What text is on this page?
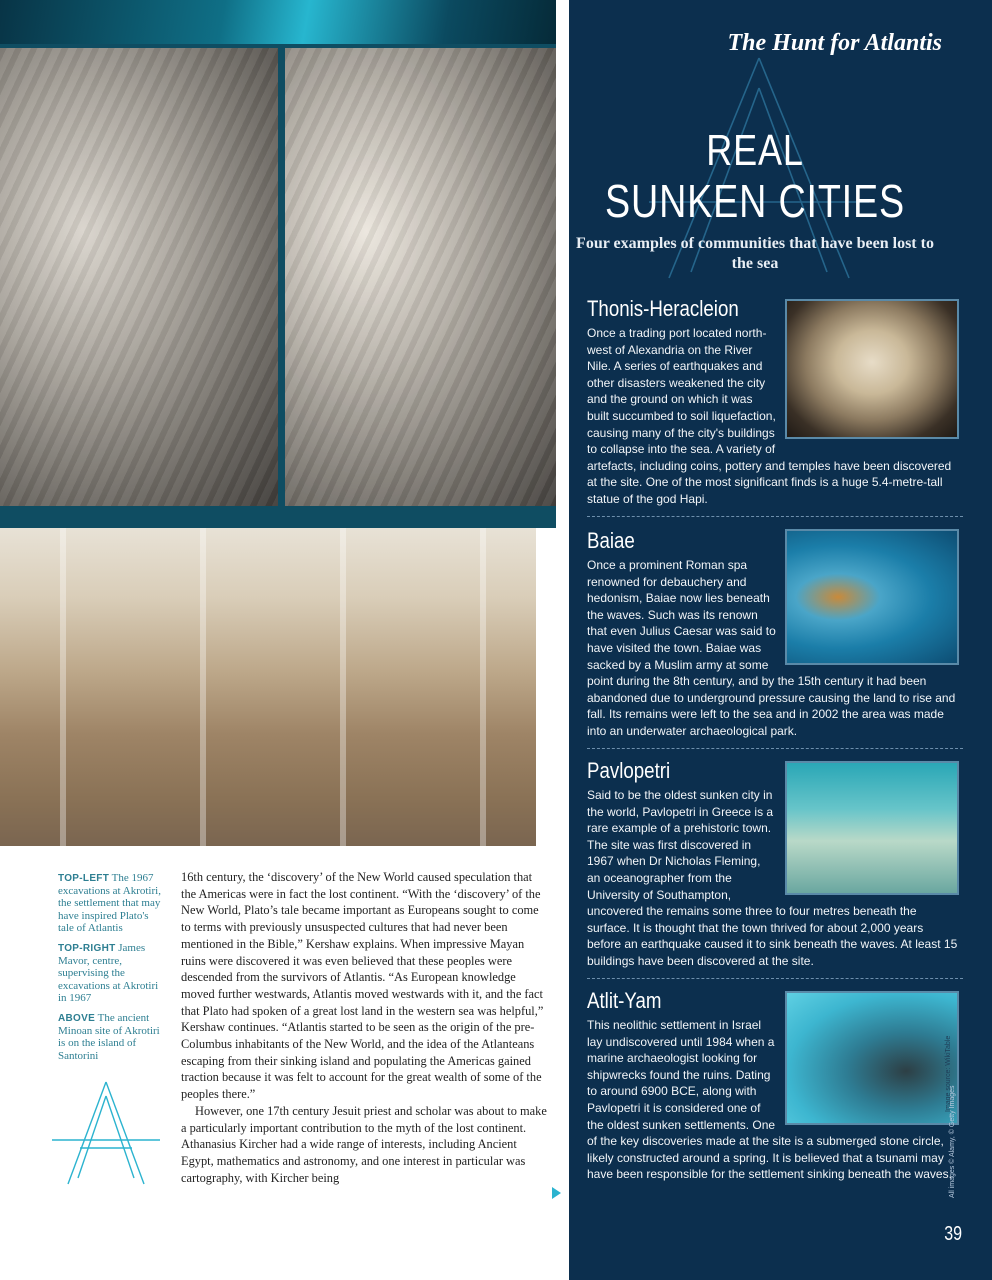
TOP-LEFT The 1967 excavations at Akrotiri, the settlement that may have inspired Plato's tale of Atlantis

TOP-RIGHT James Mavor, centre, supervising the excavations at Akrotiri in 1967

ABOVE The ancient Minoan site of Akrotiri is on the island of Santorini

16th century, the ‘discovery’ of the New World caused speculation that the Americas were in fact the lost continent. “With the ‘discovery’ of the New World, Plato’s tale became important as Europeans sought to come to terms with previously unsuspected cultures that had never been mentioned in the Bible,” Kershaw explains. When impressive Mayan ruins were discovered it was even believed that these peoples were descended from the survivors of Atlantis. “As European knowledge moved further westwards, Atlantis moved westwards with it, and the fact that Plato had spoken of a great lost land in the western sea was helpful,” Kershaw continues. “Atlantis started to be seen as the origin of the pre-Columbus inhabitants of the New World, and the idea of the Atlanteans escaping from their sinking island and populating the Americas gained traction because it was felt to account for the great wealth of some of the peoples there.”

However, one 17th century Jesuit priest and scholar was about to make a particularly important contribution to the myth of the lost continent. Athanasius Kircher had a wide range of interests, including Ancient Egypt, mathematics and astronomy, and one interest in particular was cartography, with Kircher being

The Hunt for Atlantis
REAL
SUNKEN CITIES
Four examples of communities that have been lost to the sea
Thonis-Heracleion
Once a trading port located north-west of Alexandria on the River Nile. A series of earthquakes and other disasters weakened the city and the ground on which it was built succumbed to soil liquefaction, causing many of the city's buildings to collapse into the sea. A variety of artefacts, including coins, pottery and temples have been discovered at the site. One of the most significant finds is a huge 5.4-metre-tall statue of the god Hapi.
Baiae
Once a prominent Roman spa renowned for debauchery and hedonism, Baiae now lies beneath the waves. Such was its renown that even Julius Caesar was said to have visited the town. Baiae was sacked by a Muslim army at some point during the 8th century, and by the 15th century it had been abandoned due to underground pressure causing the land to rise and fall. Its remains were left to the sea and in 2002 the area was made into an underwater archaeological park.
Pavlopetri
Said to be the oldest sunken city in the world, Pavlopetri in Greece is a rare example of a prehistoric town. The site was first discovered in 1967 when Dr Nicholas Fleming, an oceanographer from the University of Southampton, uncovered the remains some three to four metres beneath the surface. It is thought that the town thrived for about 2,000 years before an earthquake caused it to sink beneath the waves. At least 15 buildings have been discovered at the site.
Atlit-Yam
This neolithic settlement in Israel lay undiscovered until 1984 when a marine archaeologist looking for shipwrecks found the ruins. Dating to around 6900 BCE, along with Pavlopetri it is considered one of the oldest sunken settlements. One of the key discoveries made at the site is a submerged stone circle, likely constructed around a spring. It is believed that a tsunami may have been responsible for the settlement sinking beneath the waves.
Image source: WikiTable
All images © Alamy, © Getty Images
39
